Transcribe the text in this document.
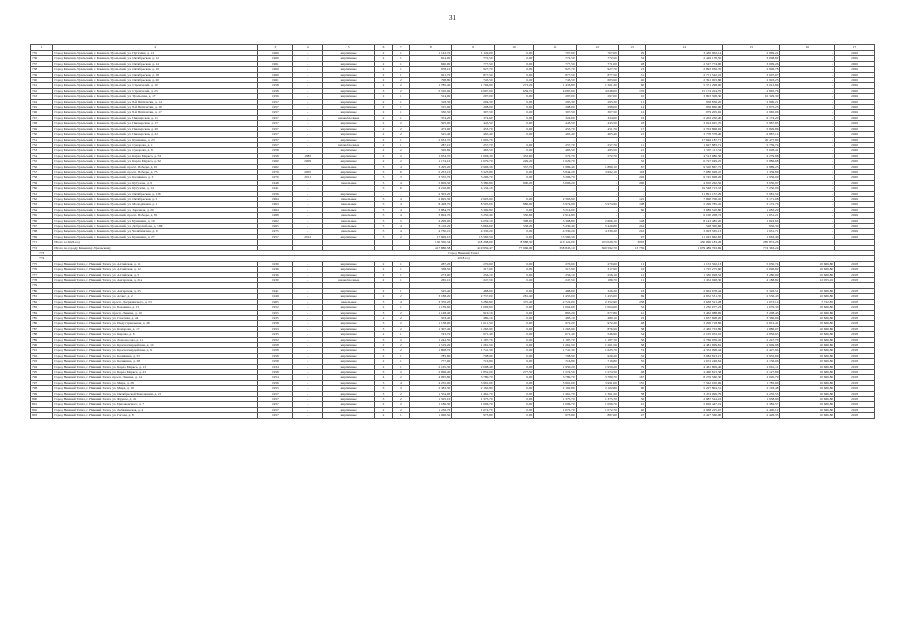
31
1	2	3	4	5	6	7	8	9	10	11	12	13	14	15	16	17
735	Город Каменск-Уральский, г. Каменск-Уральский, ул. Пугачёва, д. 13	1960	-	кирпичные	2	1	1 143,70	1 120,00	0,00	707,00	707,00	29	3 430 002,14	2 999,21	-	2026
736	Город Каменск-Уральский, г. Каменск-Уральский, ул. Октябрьская, д. 12	1960	-	кирпичные	2	1	814,00	772,50	0,00	772,50	772,50	34	2 449 178,50	3 008,82	-	2026
737	Город Каменск-Уральский, г. Каменск-Уральский, ул. Октябрьская, д. 14	1961	-	кирпичные	2	1	840,00	777,50	0,00	777,50	771,00	28	2 527 774,00	3 009,26	-	2026
738	Город Каменск-Уральский, г. Каменск-Уральский, ул. Октябрьская, д. 16	1960	-	кирпичные	2	1	978,10	927,70	0,00	927,70	927,70	23	2 893 039,70	2 996,78	-	2026
739	Город Каменск-Уральский, г. Каменск-Уральский, ул. Октябрьская, д. 18	1960	-	кирпичные	2	1	921,70	877,50	0,00	877,50	877,50	31	2 771 542,10	3 007,07	-	2026
740	Город Каменск-Уральский, г. Каменск-Уральский, ул. Октябрьская, д. 20	1961	-	кирпичные	2	2	798,80	743,50	0,00	743,50	683,90	40	2 391 003,86	2 993,25	-	2026
741	Город Каменск-Уральский, г. Каменск-Уральский, ул. Строителей, д. 10	1958	-	кирпичные	2	2	1 785,40	1 706,90	273,20	1 433,80	1 361,30	60	5 371 298,90	3 012,86	-	2026
742	Город Каменск-Уральский, г. Каменск-Уральский, ул. Строителей, д. 25	1958	-	кирпичные	3	2	5 310,00	4 997,00	659,70	4 087,60	4 048,00	170	15 174 224,70	2 865,76	-	2026
743	Город Каменск-Уральский, г. Каменск-Уральский, ул. Уральская, д. 17	1956	-	кирпичные	2	1	314,00	297,00	0,00	297,00	297,00	10	3 803 508,30	10 329,30	-	2026
744	Город Каменск-Уральский, г. Каменск-Уральский, ул. 8-й Пятилетки, д. 14	1957	-	кирпичные	2	1	318,30	294,30	0,00	295,30	295,30	11	958 836,20	2 990,21	-	2026
745	Город Каменск-Уральский, г. Каменск-Уральский, ул. 8-й Пятилетки, д. 16	1957	-	кирпичные	2	1	315,00	298,00	0,00	298,00	298,00	14	956 860,90	2 975,25	-	2026
746	Город Каменск-Уральский, г. Каменск-Уральский, ул. 8-й Пятилетки, д. 17	1957	-	кирпичные	2	1	330,50	307,50	0,00	307,50	307,50	12	979 205,92	2 965,06	-	2026
747	Город Каменск-Уральский, г. Каменск-Уральский, ул. Пионерская, д. 11	1957	-	шлакоблочные	2	1	374,20	374,60	0,00	324,60	324,60	16	2 202 250,40	6 174,20	-	2026
748	Город Каменск-Уральский, г. Каменск-Уральский, ул. Пионерская, д. 17	1957	-	кирпичные	2	2	505,00	443,50	0,00	443,50	443,50	18	3 024 925,70	5 967,85	-	2026
749	Город Каменск-Уральский, г. Каменск-Уральский, ул. Пионерская, д. 20	1957	-	кирпичные	2	2	473,90	453,70	0,00	453,70	451,70	17	2 703 868,92	5 829,86	-	2026
750	Город Каменск-Уральский, г. Каменск-Уральский, ул. Пионерская, д. 22	1957	-	кирпичные	2	2	525,40	465,40	0,00	465,40	465,40	21	3 778 578,40	6 887,14	-	2026
751	Город Каменск-Уральский, г. Каменск-Уральский, ул. Кунавина, д. 23	1957	-	кирпичные	2	1	2 033,70	1 905,70	-	-	-	-	17 846 187,71	20 477,80	-	2026
752	Город Каменск-Уральский, г. Каменск-Уральский, ул. Суворова, д. 1	1957	-	шлакоблочные	2	1	287,10	257,70	0,00	257,70	257,70	11	1 647 883,71	5 739,74	-	2026
753	Город Каменск-Уральский, г. Каменск-Уральский, ул. Суворова, д. 8	1958	-	кирпичные	2	2	526,80	483,50	0,00	483,50	483,50	21	1 597 111,54	3 028,41	-	2026
754	Город Каменск-Уральский, г. Каменск-Уральский, ул. Карла Маркса, д. 54	1958	1985	кирпичные	2	2	1 054,70	1 006,30	433,60	572,70	572,70	12	4 513 986,30	4 279,88	-	2026
755	Город Каменск-Уральский, г. Каменск-Уральский, ул. Карла Маркса, д. 62	1960	2009	кирпичные	2	2	1 174,10	1 079,70	249,20	1 029,70	-	32	6 727 049,25	5 886,68	-	2026
756	Город Каменск-Уральский, г. Каменск-Уральский, просп. Победы, д. 61	1962	-	панельные	5	4	3 295,20	2 996,30	357,70	1 986,40	1 889,10	67	9 520 867,75	2 889,25	-	2026
757	Город Каменск-Уральский, г. Каменск-Уральский, просп. Победы, д. 75	1970	2005	кирпичные	5	6	5 253,10	5 323,80	0,00	3 844,20	3 692,10	118	7 080 928,47	1 339,86	-	2026
758	Город Каменск-Уральский, г. Каменск-Уральский, ул. Калинина, д. 3	1970	2011	кирпичные	5	3	3 555,70	3 296,70	0,00	3 296,70	-	226	6 745 698,26	1 936,00	-	2026
759	Город Каменск-Уральский, г. Каменск-Уральский, ул. Кутузова, д. 9	1948	-	панельные	5	4	5 609,30	5 380,80	600,20	5 006,20	-	206	4 810 262,56	3 050,97	-	2026
760	Город Каменск-Уральский, г. Каменск-Уральский, ул. Кутузова, д. 14	1941	-	-	5	6	4 216,90	4 134,10	-	-	-	-	19 548 713,33	7 250,00	-	2026
761	Город Каменск-Уральский, г. Каменск-Уральский, ул. Октябрьская, д. 136	1956	-	кирпичные	-	-	2 303,20	-	-	-	-	-	11 891 157,29	5 081,54	-	2026
762	Город Каменск-Уральский, г. Каменск-Уральский, ул. Октябрьская, д. 5	1964	-	панельные	5	4	2 695,30	2 603,90	0,00	2 563,90	-	122	7 860 706,45	3 171,08	-	2026
763	Город Каменск-Уральский, г. Каменск-Уральский, ул. Молодёжная, д. 1	1963	-	панельные	5	4	8 428,70	8 505,00	886,00	5 974,90	5 974,90	198	2 296 785,45	3 172,76	-	2026
764	Город Каменск-Уральский, г. Каменск-Уральский, ул. Заречная, д. 20	1964	-	панельные	5	4	3 884,70	3 300,80	0,00	3 214,00	-	60	3 689 520,80	1 083,29	-	2026
765	Город Каменск-Уральский, г. Каменск-Уральский, просп. Победы, д. 81	1968	-	панельные	5	4	3 694,70	3 250,40	350,60	2 914,80	-	-	6 100 208,72	1 651,21	-	2026
766	Город Каменск-Уральский, г. Каменск-Уральский, ул. Кунавина, д. 19	1962	-	панельные	5	5	4 299,00	4 059,10	308,00	3 308,80	2 666,10	148	8 143 485,20	1 822,64	-	2026
767	Город Каменск-Уральский, г. Каменск-Уральский, ул. Добролюбова, д. 10Б	1965	-	панельные	5	4	6 116,20	5 866,60	538,20	5 430,40	5 429,80	244	548 390,66	636,30	-	2026
768	Город Каменск-Уральский, г. Каменск-Уральский, ул. Челябинская, д. 9	1975	-	панельные	5	4	4 730,10	4 330,20	0,00	4 330,20	4 330,20	216	3 003 565,13	1 631,71	-	2026
769	Город Каменск-Уральский, г. Каменск-Уральский, ул. Кунавина, д. 27	1957	2012	кирпичные	5	2	17 609,10	15 560,50	0,00	15 560,50	-	97	11 025 662,83	1 063,40	-	2026
771	Итого за 2026 год						130 500,34	118 298,60	8 988,30	110 122,00	103 029,70	3093	430 090 183,26	285 872,26		
772	Итого по городу Каменску-Уральскому						417 880,58	419 959,47	77 966,90	358 845,10	360 592,70	13 759	1 079 489 763,69	774 363,24		
773	Город Нижний Тагил															
774	2018 год															
775	Город Нижний Тагил, г. Нижний Тагил, ул. Алтайская, д. 11	1936	-	кирпичные	2	1	287,20	270,60	0,00	270,60	270,60	11	1 153 502,13	5 050,74	10 666,80	2018
776	Город Нижний Тагил, г. Нижний Тагил, ул. Алтайская, д. 12	1936	-	кирпичные	2	1	338,50	317,90	0,00	317,90	317,90	16	1 725 275,60	5 096,82	10 666,80	2018
777	Город Нижний Тагил, г. Нижний Тагил, ул. Алтайская, д. 5	1936	-	кирпичные	2	1	273,00	256,10	0,00	256,10	256,10	13	1 330 028,52	3 280,90	10 666,80	2018
778	Город Нижний Тагил, г. Нижний Тагил, ул. Ангарская, д. 21а	1930	-	шлакоблочные	2	1	265,10	247,50	0,00	247,50	186,70	11	1 452 948,30	4 188,82	12 055,45	2018
779																
780	Город Нижний Тагил, г. Нижний Тагил, ул. Ангарская, д. 25	1941	-	кирпичные	2	1	545,40	468,60	0,00	468,60	326,30	23	2 904 678,44	5 326,51	10 666,80	2018
781	Город Нижний Тагил, г. Нижний Тагил, ул. Аганс, д. 2	1949	-	кирпичные	2	2	3 188,20	2 737,00	281,40	1 455,00	1 455,00	69	4 952 531,35	2 556,43	10 666,80	2018
782	Город Нижний Тагил, г. Нижний Тагил, просп. Дзержинского, д. 23	1965	-	панельные	5	4	3 370,20	3 280,80	375,40	2 722,00	2 352,90	238	3 638 521,28	1 073,14	7 722,85	2018
783	Город Нижний Тагил, г. Нижний Тагил, ул. Балакина, д. 15	1952	-	кирпичные	2	1	1 139,60	1 009,60	0,00	1 004,60	1 004,60	52	1 230 077,23	1 079,30	10 666,80	2018
784	Город Нижний Тагил, г. Нижний Тагил, просп. Ленина, д. 10	1955	-	кирпичные	3	2	1 148,40	919,10	0,00	863,20	677,80	41	3 462 988,69	3 208,43	10 666,80	2018
785	Город Нижний Тагил, г. Нижний Тагил, ул. Газетная, д. 44	1935	-	кирпичные	2	2	503,40	480,10	0,00	483,10	480,10	19	1 637 698,20	3 360,00	10 666,80	2018
786	Город Нижний Тагил, г. Нижний Тагил, ул. Индустриальная, д. 48	1958	-	кирпичные	3	2	1 138,00	1 011,50	0,00	972,20	972,20	48	3 200 718,86	2 812,41	10 666,80	2018
787	Город Нижний Тагил, г. Нижний Тагил, ул. Комарова, д. 17	1953	-	кирпичные	3	2	1 307,40	1 263,90	0,00	1 263,90	876,50	38	2 465 733,89	1 886,07	10 666,80	2018
788	Город Нижний Тагил, г. Нижний Тагил, ул. Кирова, д. 6	1935	-	кирпичные	2	1	743,70	671,40	0,00	671,40	546,90	34	2 105 033,10	2 856,63	10 666,80	2018
789	Город Нижний Тагил, г. Нижний Тагил, ул. Ломоносова, д. 11	1952	-	кирпичные	3	2	1 242,50	1 187,70	0,00	1 187,70	1 187,70	56	2 766 956,45	2 247,70	10 666,80	2018
790	Город Нижний Тагил, г. Нижний Тагил, ул. Красногвардейская, д. 10	1958	-	кирпичные	2	2	1 519,20	1 261,50	0,00	1 261,50	1 261,50	58	4 481 699,81	2 949,98	10 666,80	2018
791	Город Нижний Тагил, г. Нижний Тагил, ул. Красногвардейская, д. 9	1958	-	кирпичные	3	2	1 808,70	1 741,30	0,00	1 741,30	1 625,70	74	4 352 098,44	2 427,94	10 666,80	2018
792	Город Нижний Тагил, г. Нижний Тагил, ул. Калинина, д. 55	1958	-	кирпичные	2	1	785,60	708,90	0,00	708,90	629,20	32	3 082 813,15	3 935,66	10 666,80	2018
793	Город Нижний Тагил, г. Нижний Тагил, ул. Калинина, д. 38	1958	-	кирпичные	2	1	777,00	716,80	0,00	716,80	716,80	35	1 672 248,64	2 136,06	10 666,80	2018
794	Город Нижний Тагил, г. Нижний Тагил, ул. Карла Маркса, д. 13	1934	-	кирпичные	2	1	2 165,30	2 008,40	0,00	1 950,20	1 950,20	79	4 461 809,46	2 061,11	10 666,80	2018
795	Город Нижний Тагил, г. Нижний Тагил, ул. Карла Маркса, д. 23	1958	-	кирпичные	3	2	2 096,40	1 852,00	277,50	1 574,50	1 574,50	48	4 460 813,38	2 127,86	10 666,80	2018
796	Город Нижний Тагил, г. Нижний Тагил, просп. Ленина, д. 14	1954	-	кирпичные	4	2	4 095,80	3 780,70	0,00	3 780,70	3 780,70	167	8 276 560,30	2 020,79	10 666,80	2018
797	Город Нижний Тагил, г. Нижний Тагил, ул. Мира, д. 28	1956	-	кирпичные	5	4	4 235,00	3 991,00	0,00	3 991,00	3 991,00	155	7 562 010,69	1 785,60	10 666,80	2018
798	Город Нижний Тагил, г. Нижний Тагил, ул. Мира, д. 19	1955	-	кирпичные	3	3	2 383,30	2 162,80	0,00	2 162,80	2 162,80	90	5 227 804,51	2 193,48	10 666,80	2018
799	Город Нижний Тагил, г. Нижний Тагил, ул. Октябрьской Революции, д. 21	1957	-	кирпичные	3	2	1 554,00	1 461,70	0,00	1 461,70	1 301,50	58	3 474 099,79	2 235,55	10 666,80	2018
800	Город Нижний Тагил, г. Нижний Тагил, ул. Фрунзе, д. 41	1957	-	кирпичные	3	2	1 525,10	1 375,70	0,00	1 375,70	1 375,70	56	2 987 524,16	1 958,90	10 666,80	2018
801	Город Нижний Тагил, г. Нижний Тагил, ул. Циолковского, д. 7	1957	-	кирпичные	2	2	1 186,30	1 096,70	0,00	1 096,70	1 096,70	41	2 826 447,19	2 382,57	10 666,80	2018
802	Город Нижний Тагил, г. Нижний Тагил, ул. Лебяжинская, д. 4	1957	-	кирпичные	2	2	1 236,70	1 072,70	0,00	1 072,70	1 072,70	40	2 968 225,07	2 400,12	10 666,80	2018
803	Город Нижний Тагил, г. Нижний Тагил, ул. Гоголя, д. 8	1957	-	кирпичные	2	1	1 000,50	973,80	0,00	973,80	887,60	47	2 427 560,90	2 426,35	10 666,80	2018
